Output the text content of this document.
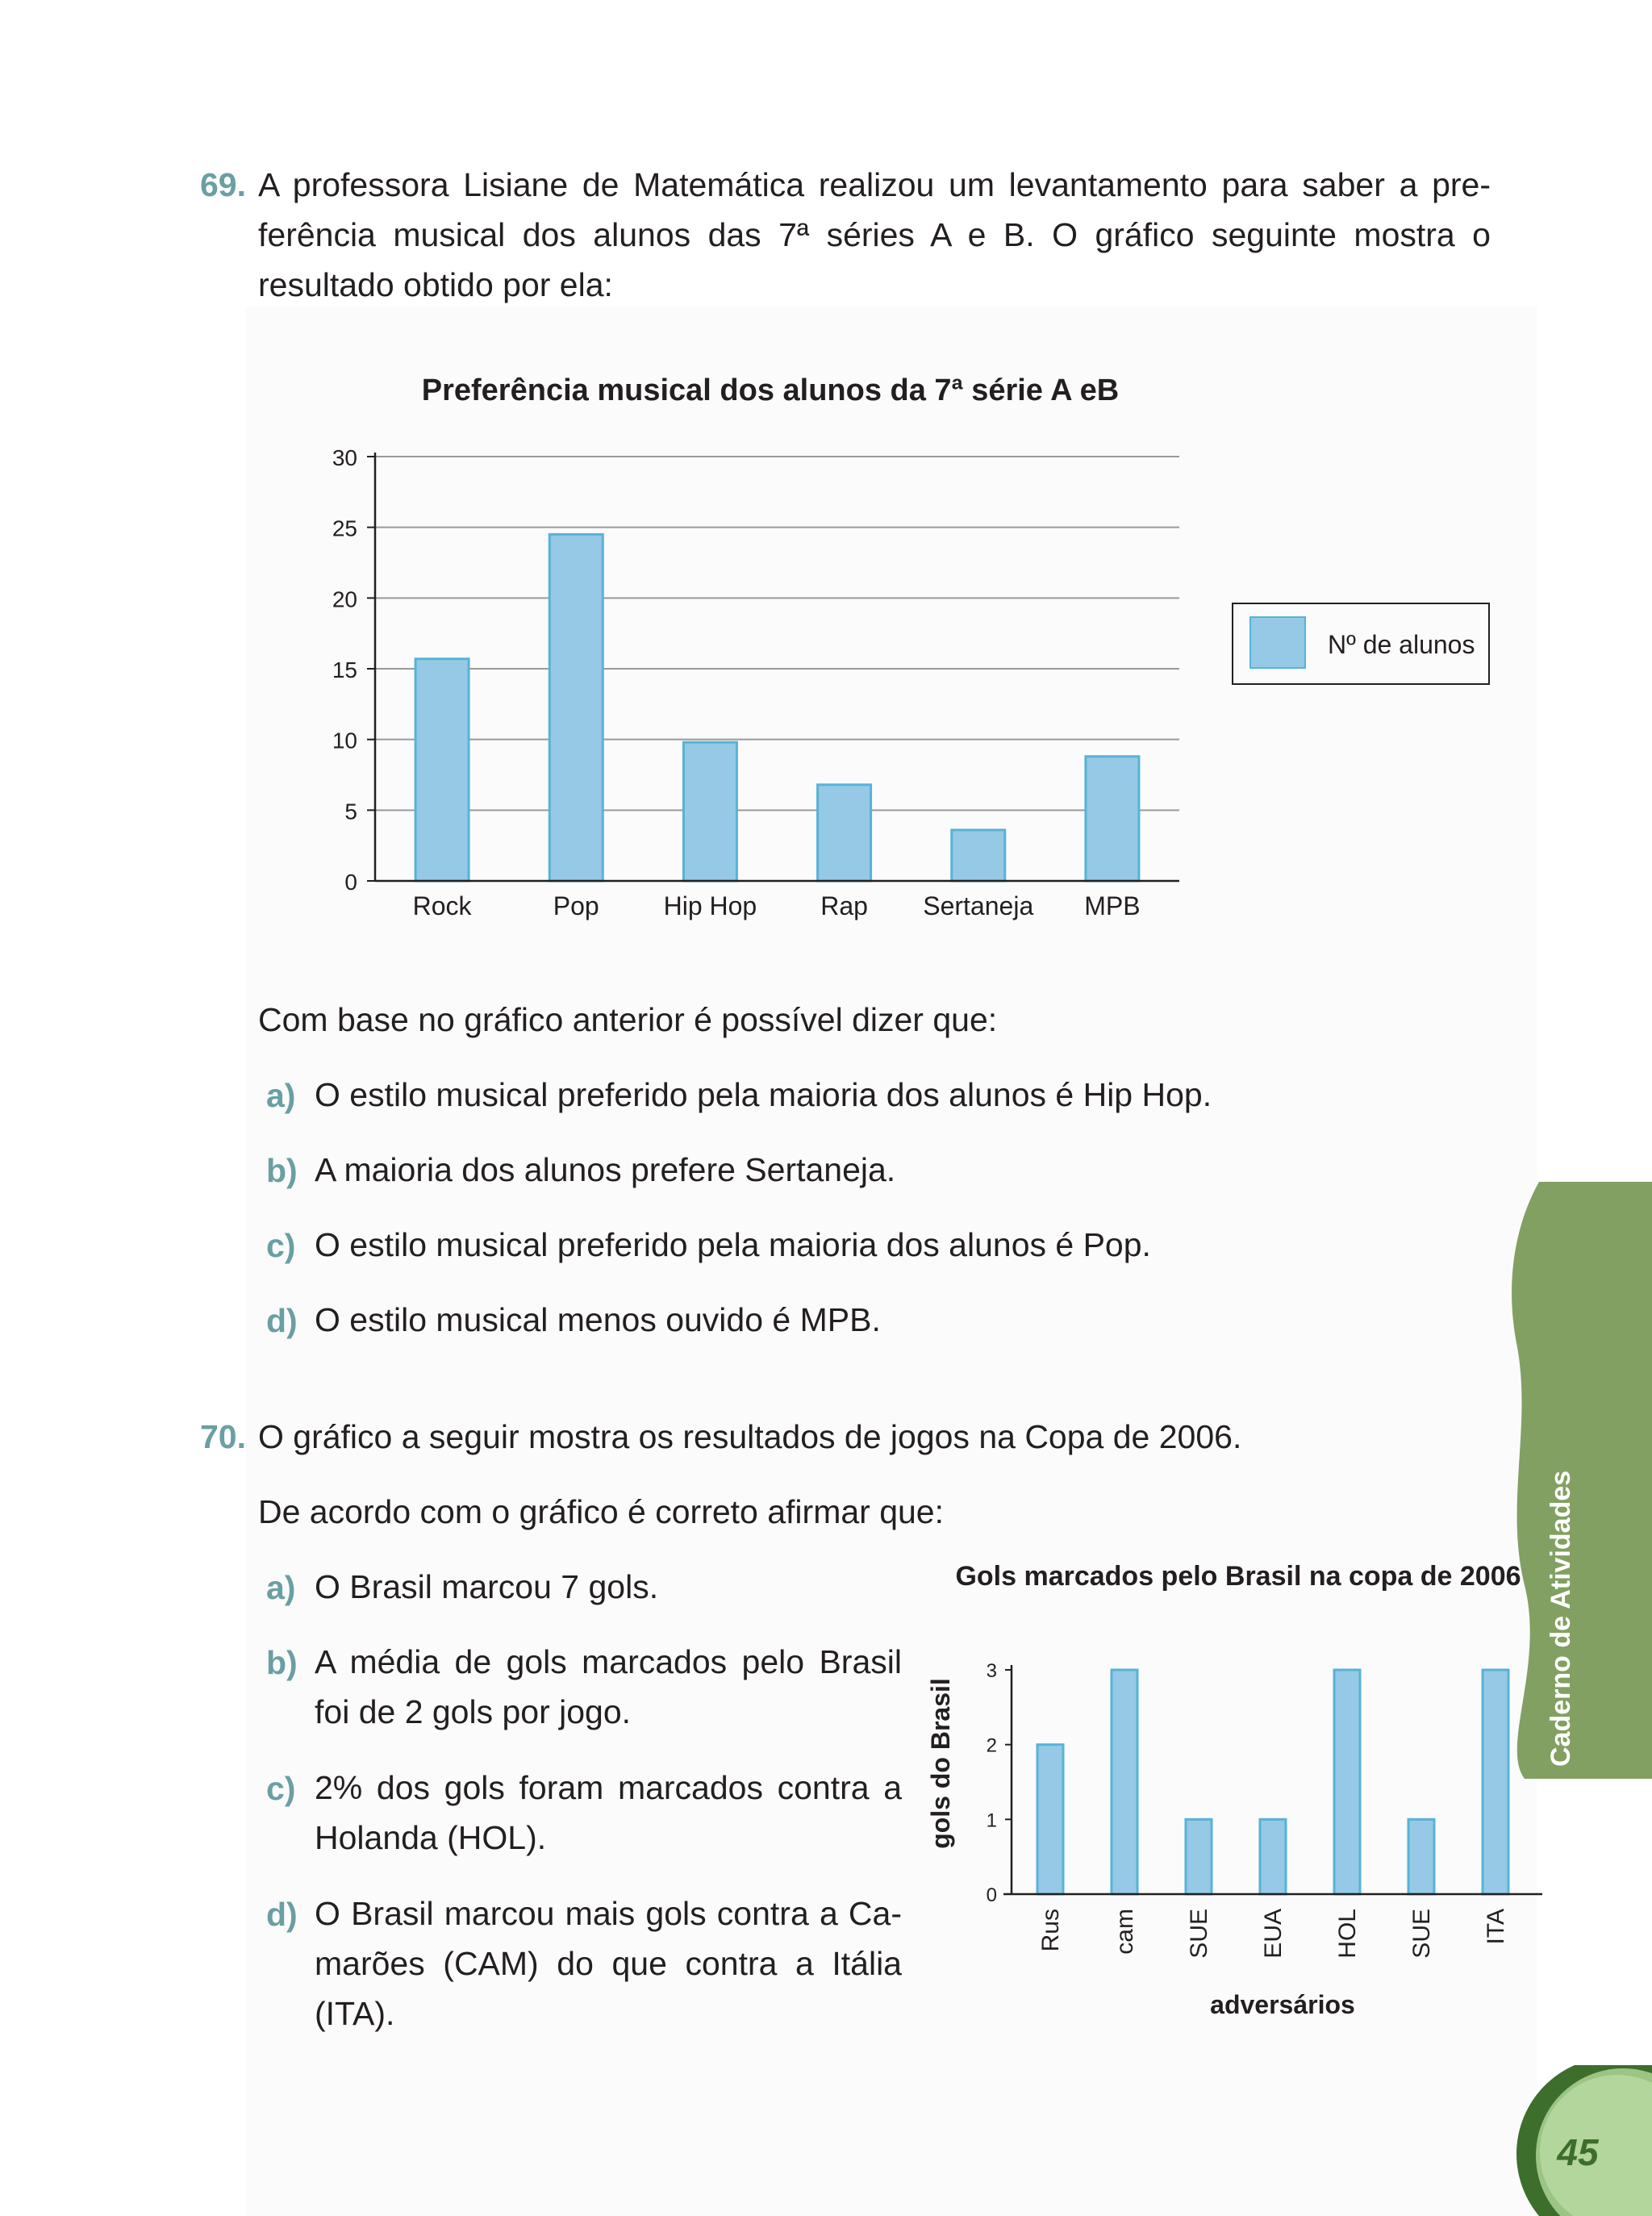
69. A professora Lisiane de Matemática realizou um levantamento para saber a pre-
ferência musical dos alunos das 7ª séries A e B. O gráfico seguinte mostra o
resultado obtido por ela:
Preferência musical dos alunos da 7ª série A eB
0
5
10
15
20
25
30
Rock	Pop Hip Hop Rap Sertaneja MPB
Nº de alunos
Com base no gráfico anterior é possível dizer que:
a) O estilo musical preferido pela maioria dos alunos é Hip Hop.
b) A maioria dos alunos prefere Sertaneja.
c) O estilo musical preferido pela maioria dos alunos é Pop.
d) O estilo musical menos ouvido é MPB.
70. O gráfico a seguir mostra os resultados de jogos na Copa de 2006.
De acordo com o gráfico é correto afirmar que:
a) O Brasil marcou 7 gols.
b) A média de gols marcados pelo Brasil
foi de 2 gols por jogo.
c) 2% dos gols foram marcados contra a
Holanda (HOL).
d) O Brasil marcou mais gols contra a Ca-
marões (CAM) do que contra a Itália
(ITA).
Caderno de Atividades
Gols marcados pelo Brasil na copa de 2006
gols do Brasil
0
1
2
3
Rus cam SUE EUA HOL SUE ITA
adversários
45
